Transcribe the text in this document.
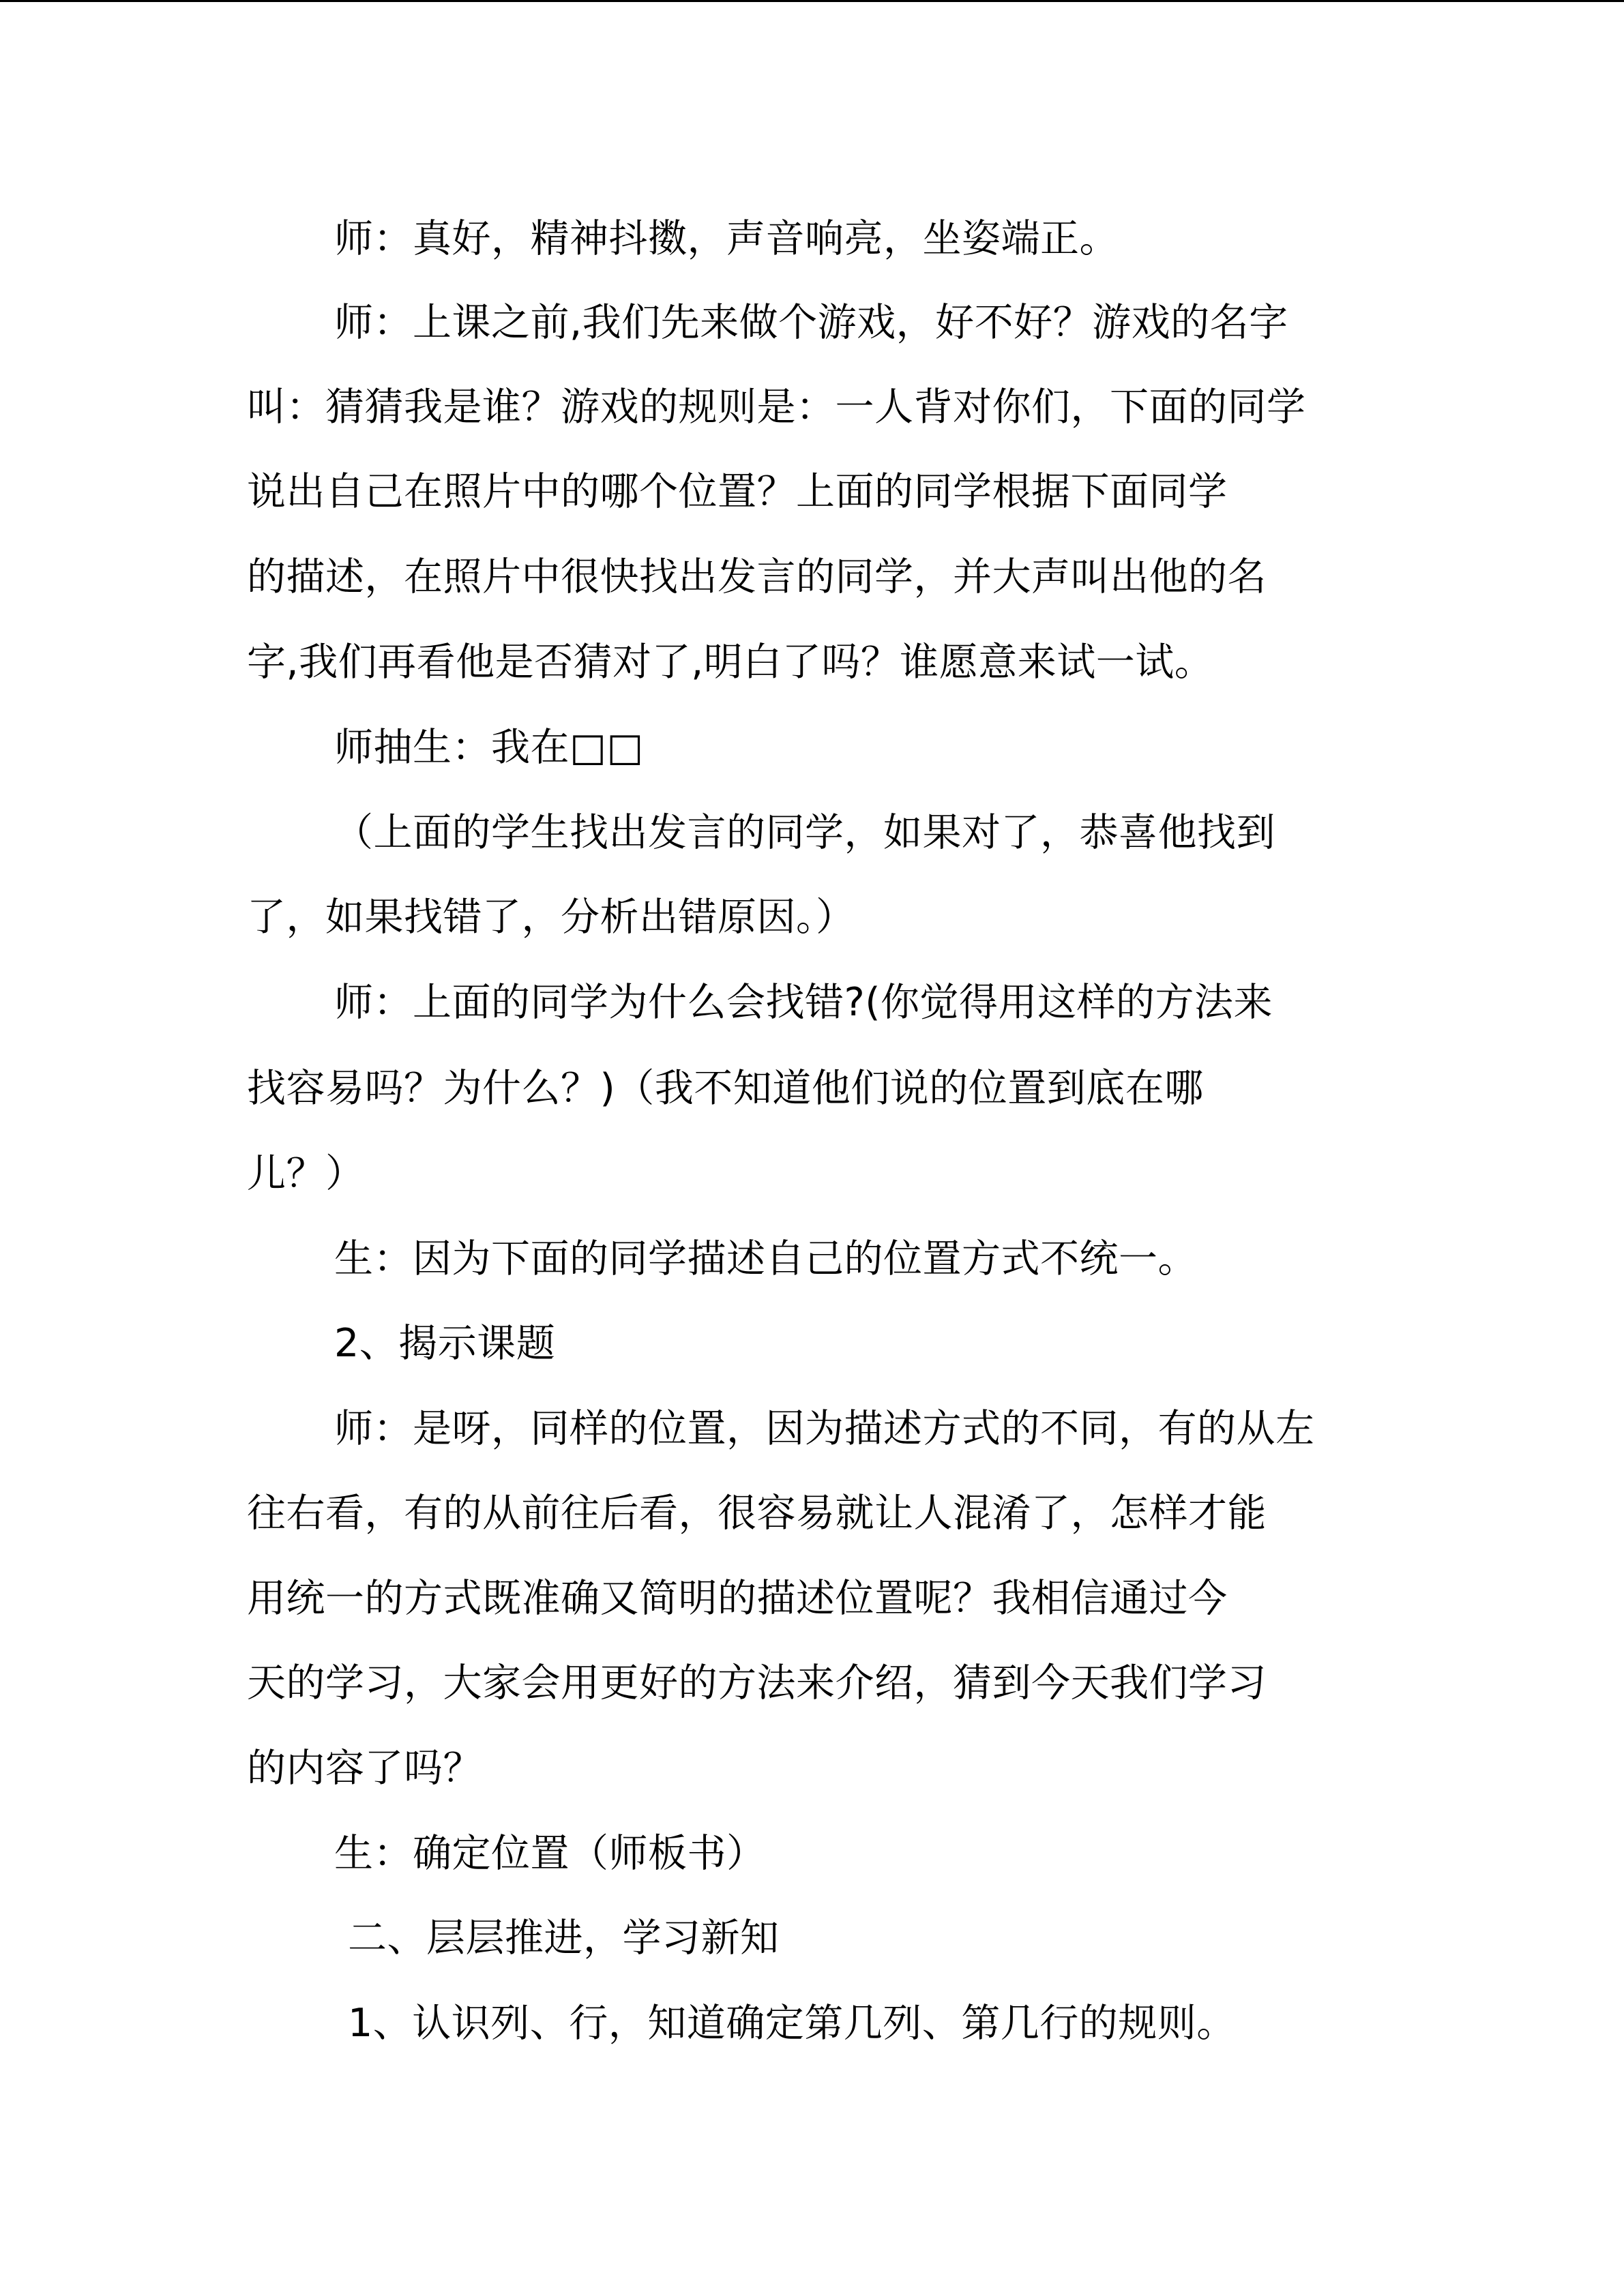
师：真好，精神抖擞，声音响亮，坐姿端正。
师：上课之前,我们先来做个游戏，好不好？游戏的名字
叫：猜猜我是谁？游戏的规则是：一人背对你们，下面的同学
说出自己在照片中的哪个位置？上面的同学根据下面同学
的描述，在照片中很快找出发言的同学，并大声叫出他的名
字,我们再看他是否猜对了,明白了吗？谁愿意来试一试。
师抽生：我在□□
（上面的学生找出发言的同学，如果对了，恭喜他找到
了，如果找错了，分析出错原因。）
师：上面的同学为什么会找错?(你觉得用这样的方法来
找容易吗？为什么？)（我不知道他们说的位置到底在哪
儿？）
生：因为下面的同学描述自己的位置方式不统一。
2、揭示课题
师：是呀，同样的位置，因为描述方式的不同，有的从左
往右看，有的从前往后看，很容易就让人混淆了，怎样才能
用统一的方式既准确又简明的描述位置呢？我相信通过今
天的学习，大家会用更好的方法来介绍，猜到今天我们学习
的内容了吗？
生：确定位置（师板书）
二、层层推进，学习新知
1、认识列、行，知道确定第几列、第几行的规则。
